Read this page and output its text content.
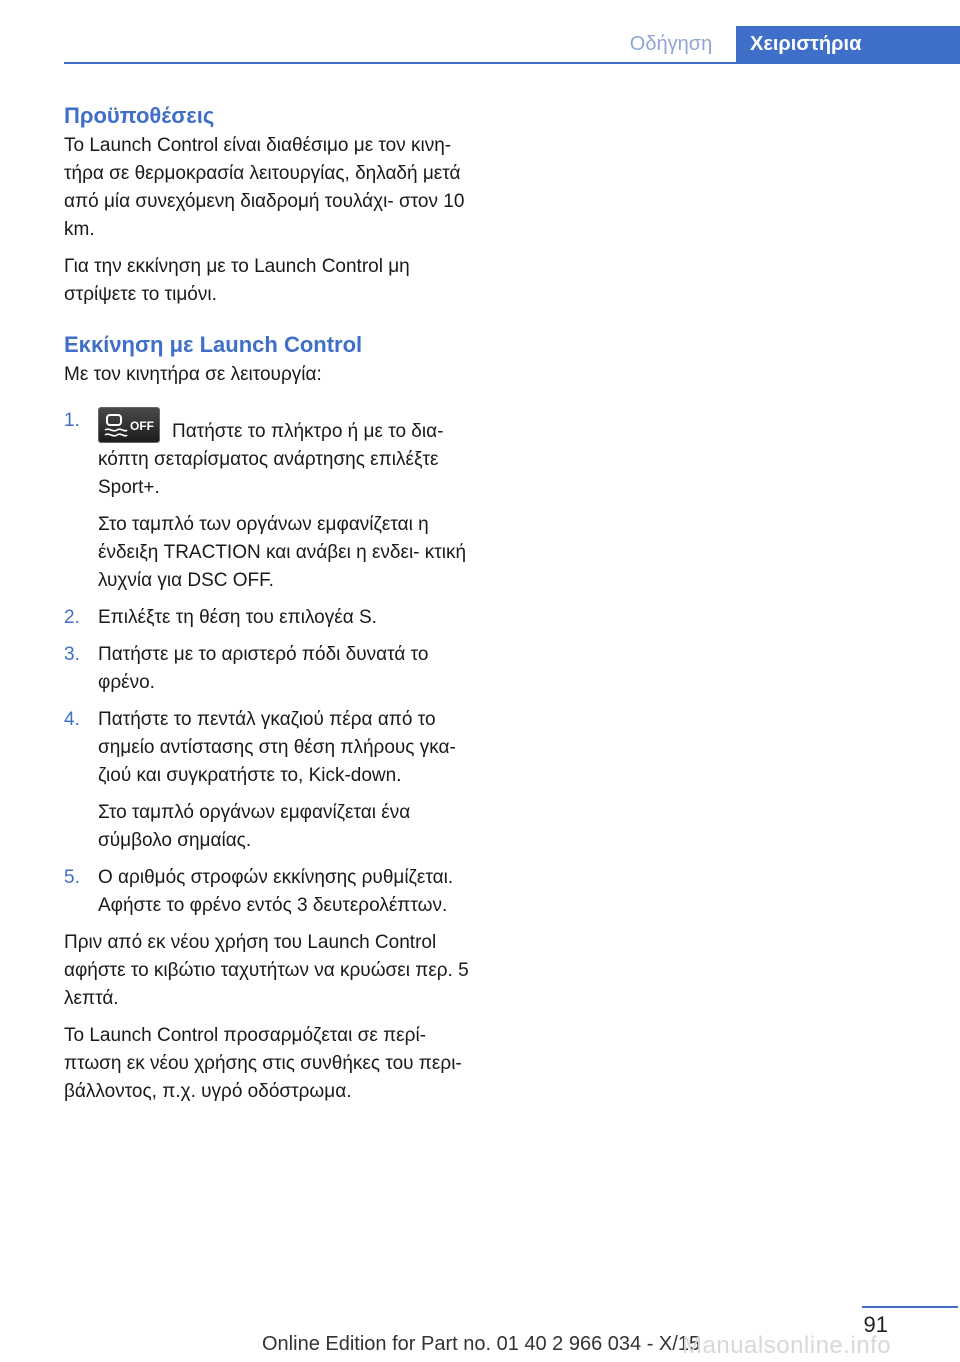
Οδήγηση	Χειριστήρια
Προϋποθέσεις

Το Launch Control είναι διαθέσιμο με τον κινη‐ τήρα σε θερμοκρασία λειτουργίας, δηλαδή μετά από μία συνεχόμενη διαδρομή τουλάχι‐ στον 10 km.

Για την εκκίνηση με το Launch Control μη στρίψετε το τιμόνι.

Εκκίνηση με Launch Control

Με τον κινητήρα σε λειτουργία:

1.	OFF Πατήστε το πλήκτρο ή με το δια‐ κόπτη σεταρίσματος ανάρτησης επιλέξτε Sport+.

Στο ταμπλό των οργάνων εμφανίζεται η ένδειξη TRACTION και ανάβει η ενδει‐ κτική λυχνία για DSC OFF.

2. Επιλέξτε τη θέση του επιλογέα S.

3. Πατήστε με το αριστερό πόδι δυνατά το φρένο.

4. Πατήστε το πεντάλ γκαζιού πέρα από το σημείο αντίστασης στη θέση πλήρους γκα‐ ζιού και συγκρατήστε το, Kick-down.

Στο ταμπλό οργάνων εμφανίζεται ένα σύμβολο σημαίας.

5. Ο αριθμός στροφών εκκίνησης ρυθμίζεται. Αφήστε το φρένο εντός 3 δευτερολέπτων.

Πριν από εκ νέου χρήση του Launch Control αφήστε το κιβώτιο ταχυτήτων να κρυώσει περ. 5 λεπτά.

Το Launch Control προσαρμόζεται σε περί‐ πτωση εκ νέου χρήσης στις συνθήκες του περι‐ βάλλοντος, π.χ. υγρό οδόστρωμα.

91
Online Edition for Part no. 01 40 2 966 034 - X/15
Manualsonline.info
